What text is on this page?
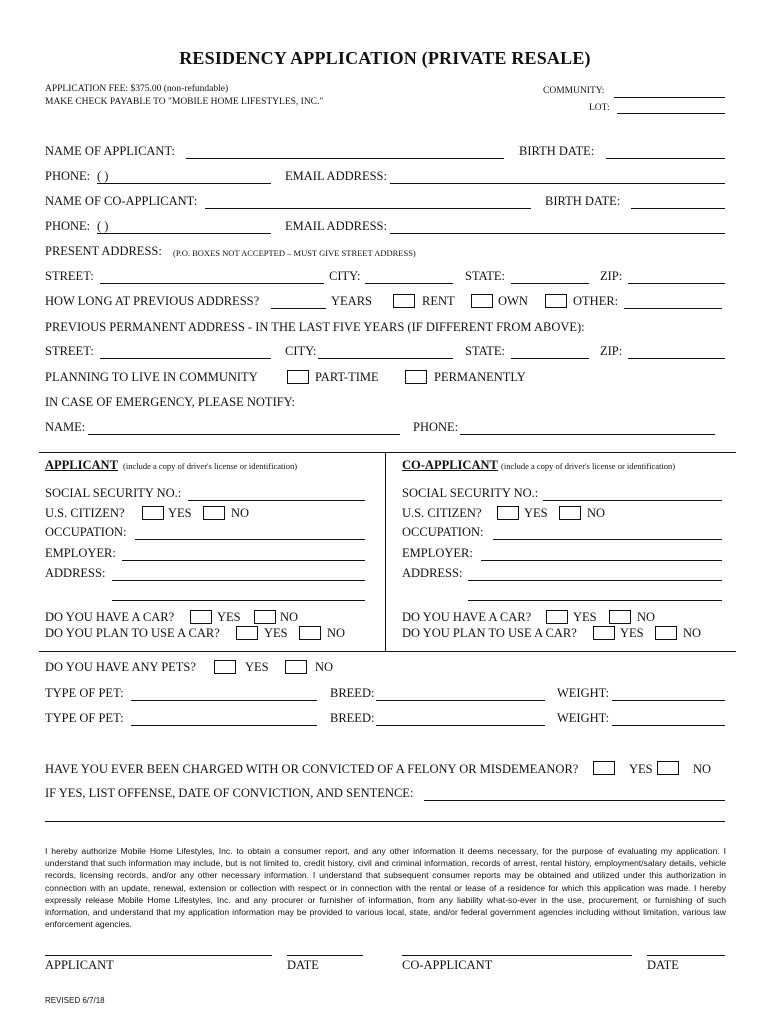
RESIDENCY APPLICATION (PRIVATE RESALE)
APPLICATION FEE: $375.00 (non-refundable)
MAKE CHECK PAYABLE TO "MOBILE HOME LIFESTYLES, INC."
COMMUNITY:
LOT:
NAME OF APPLICANT:	BIRTH DATE:
PHONE: ( )	EMAIL ADDRESS:
NAME OF CO-APPLICANT:	BIRTH DATE:
PHONE: ( )	EMAIL ADDRESS:
PRESENT ADDRESS: (P.O. BOXES NOT ACCEPTED – MUST GIVE STREET ADDRESS)
STREET:	CITY:	STATE:	ZIP:
HOW LONG AT PREVIOUS ADDRESS?	YEARS	RENT	OWN	OTHER:
PREVIOUS PERMANENT ADDRESS - IN THE LAST FIVE YEARS (IF DIFFERENT FROM ABOVE):
STREET:	CITY:	STATE:	ZIP:
PLANNING TO LIVE IN COMMUNITY	PART-TIME	PERMANENTLY
IN CASE OF EMERGENCY, PLEASE NOTIFY:
NAME:	PHONE:
APPLICANT (include a copy of driver's license or identification)
SOCIAL SECURITY NO.:
U.S. CITIZEN?	YES	NO
OCCUPATION:
EMPLOYER:
ADDRESS:
DO YOU HAVE A CAR?	YES	NO
DO YOU PLAN TO USE A CAR?	YES	NO
CO-APPLICANT (include a copy of driver's license or identification)
SOCIAL SECURITY NO.:
U.S. CITIZEN?	YES	NO
OCCUPATION:
EMPLOYER:
ADDRESS:
DO YOU HAVE A CAR?	YES	NO
DO YOU PLAN TO USE A CAR?	YES	NO
DO YOU HAVE ANY PETS?	YES	NO
TYPE OF PET:	BREED:	WEIGHT:
TYPE OF PET:	BREED:	WEIGHT:
HAVE YOU EVER BEEN CHARGED WITH OR CONVICTED OF A FELONY OR MISDEMEANOR?	YES	NO
IF YES, LIST OFFENSE, DATE OF CONVICTION, AND SENTENCE:
I hereby authorize Mobile Home Lifestyles, Inc. to obtain a consumer report, and any other information it deems necessary, for the purpose of evaluating my application. I understand that such information may include, but is not limited to, credit history, civil and criminal information, records of arrest, rental history, employment/salary details, vehicle records, licensing records, and/or any other necessary information. I understand that subsequent consumer reports may be obtained and utilized under this authorization in connection with an update, renewal, extension or collection with respect or in connection with the rental or lease of a residence for which this application was made. I hereby expressly release Mobile Home Lifestyles, Inc. and any procurer or furnisher of information, from any liability what-so-ever in the use, procurement, or furnishing of such information, and understand that my application information may be provided to various local, state, and/or federal government agencies including without limitation, various law enforcement agencies.
APPLICANT	DATE	CO-APPLICANT	DATE
REVISED 6/7/18
